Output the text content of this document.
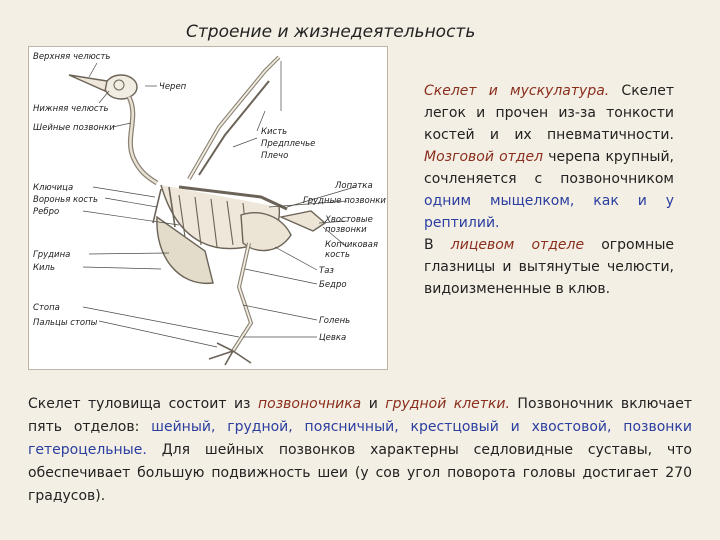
Строение и жизнедеятельность
Верхняя челюсть
Нижняя челюсть
Шейные позвонки
Ключица
Воронья кость
Ребро
Грудина
Киль
Стопа
Пальцы стопы
Череп
Кисть
Предплечье
Плечо
Лопатка
Грудные позвонки
Хвостовые позвонки
Копчиковая кость
Таз
Бедро
Голень
Цевка
Скелет и мускулатура. Скелет легок и прочен из-за тонкости костей и их пневматичности. Мозговой отдел черепа крупный, сочленяется с позвоночником одним мыщелком, как и у рептилий.
В лицевом отделе огромные глазницы и вытянутые челюсти, видоизмененные в клюв.
Скелет туловища состоит из позвоночника и грудной клетки. Позвоночник включает пять отделов: шейный, грудной, поясничный, крестцовый и хвостовой, позвонки гетероцельные. Для шейных позвонков характерны седловидные суставы, что обеспечивает большую подвижность шеи (у сов угол поворота головы достигает 270 градусов).
